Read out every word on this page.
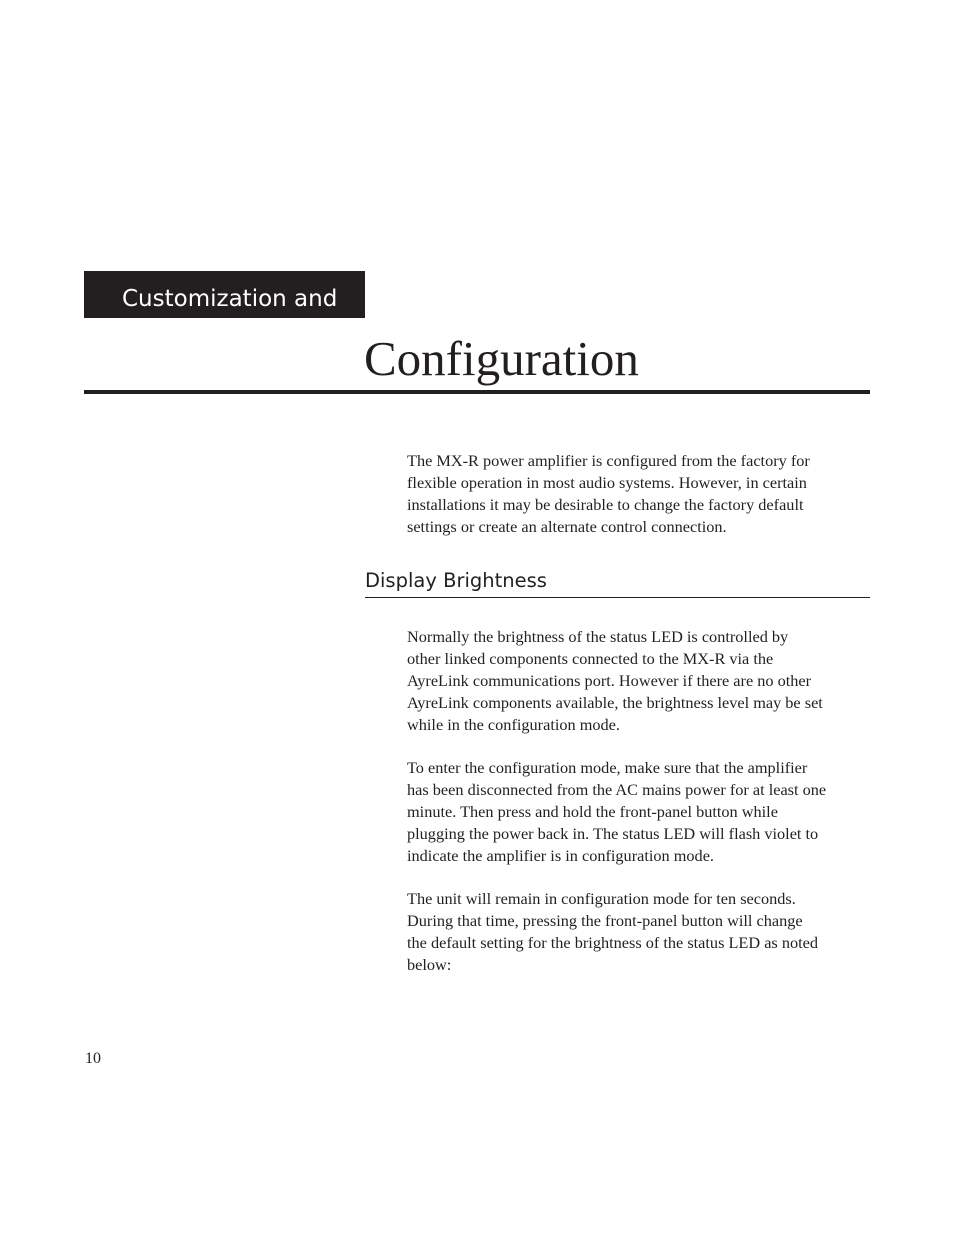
Customization and
Configuration

The MX-R power amplifier is configured from the factory for
flexible operation in most audio systems. However, in certain
installations it may be desirable to change the factory default
settings or create an alternate control connection.

Display Brightness

Normally the brightness of the status LED is controlled by
other linked components connected to the MX-R via the
AyreLink communications port. However if there are no other
AyreLink components available, the brightness level may be set
while in the configuration mode.

To enter the configuration mode, make sure that the amplifier
has been disconnected from the AC mains power for at least one
minute. Then press and hold the front-panel button while
plugging the power back in. The status LED will flash violet to
indicate the amplifier is in configuration mode.

The unit will remain in configuration mode for ten seconds.
During that time, pressing the front-panel button will change
the default setting for the brightness of the status LED as noted
below:

10
